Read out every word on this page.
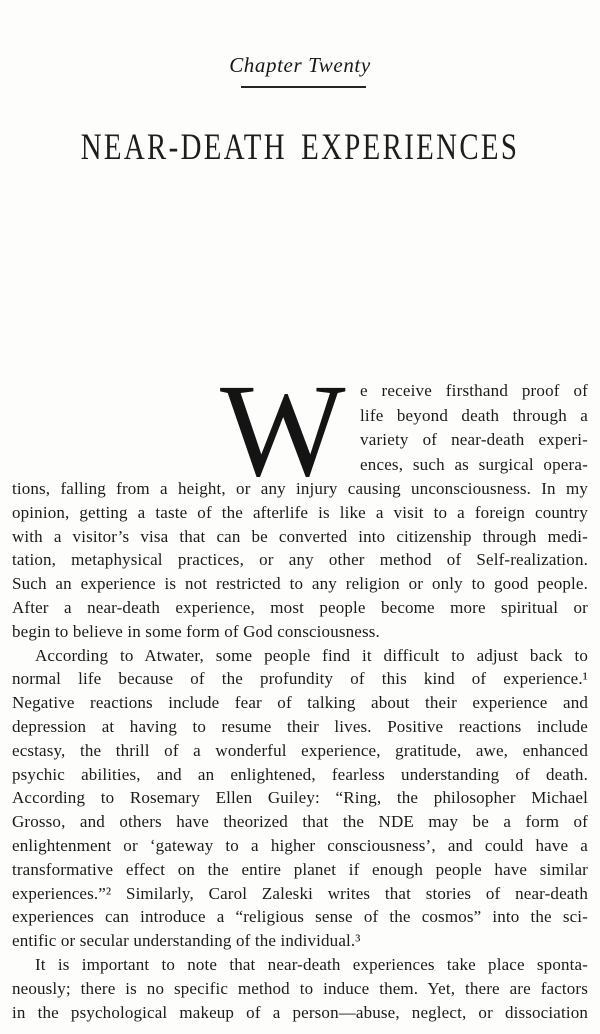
Chapter Twenty
NEAR-DEATH EXPERIENCES
W e receive firsthand proof of
life beyond death through a
variety of near-death experi-
ences, such as surgical opera-
tions, falling from a height, or any injury causing unconsciousness. In my
opinion, getting a taste of the afterlife is like a visit to a foreign country
with a visitor’s visa that can be converted into citizenship through medi-
tation, metaphysical practices, or any other method of Self-realization.
Such an experience is not restricted to any religion or only to good people.
After a near-death experience, most people become more spiritual or
begin to believe in some form of God consciousness.
According to Atwater, some people find it difficult to adjust back to
normal life because of the profundity of this kind of experience.¹
Negative reactions include fear of talking about their experience and
depression at having to resume their lives. Positive reactions include
ecstasy, the thrill of a wonderful experience, gratitude, awe, enhanced
psychic abilities, and an enlightened, fearless understanding of death.
According to Rosemary Ellen Guiley: “Ring, the philosopher Michael
Grosso, and others have theorized that the NDE may be a form of
enlightenment or ‘gateway to a higher consciousness’, and could have a
transformative effect on the entire planet if enough people have similar
experiences.”² Similarly, Carol Zaleski writes that stories of near-death
experiences can introduce a “religious sense of the cosmos” into the sci-
entific or secular understanding of the individual.³
It is important to note that near-death experiences take place sponta-
neously; there is no specific method to induce them. Yet, there are factors
in the psychological makeup of a person—abuse, neglect, or dissociation
